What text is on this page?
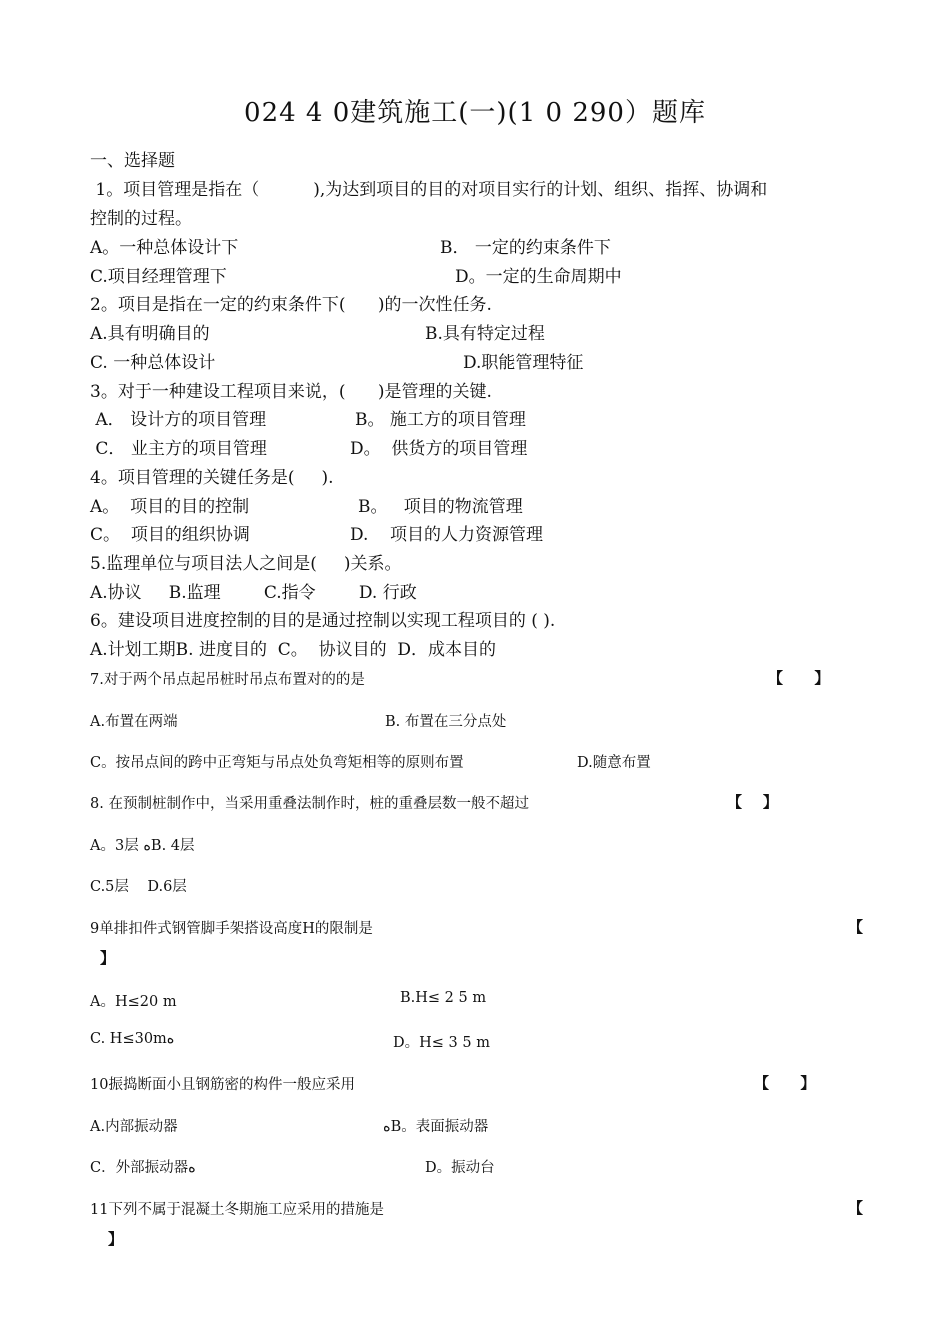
024 4 0建筑施工(一)(1 0 290）题库
一、选择题
1。项目管理是指在（          ),为达到项目的目的对项目实行的计划、组织、指挥、协调和
控制的过程。
A。一种总体设计下	B． 一定的约束条件下
C.项目经理管理下	D。一定的生命周期中
2。项目是指在一定的约束条件下(      )的一次性任务.
A.具有明确目的	B.具有特定过程
C. 一种总体设计	D.职能管理特征
3。对于一种建设工程项目来说，(      )是管理的关键.
A． 设计方的项目管理	B。 施工方的项目管理
C． 业主方的项目管理	D。  供货方的项目管理
4。项目管理的关键任务是(     ).
A。  项目的目的控制	B。   项目的物流管理
C。  项目的组织协调	D.    项目的人力资源管理
5.监理单位与项目法人之间是(     )关系。
A.协议     B.监理        C.指令        D. 行政
6。建设项目进度控制的目的是通过控制以实现工程项目的 ( ).
A.计划工期B. 进度目的  C。  协议目的  D．成本目的
7.对于两个吊点起吊桩时吊点布置对的的是	【      】
A.布置在两端	B. 布置在三分点处
C。按吊点间的跨中正弯矩与吊点处负弯矩相等的原则布置	D.随意布置
8. 在预制桩制作中，当采用重叠法制作时，桩的重叠层数一般不超过	【    】
A。3层 ﻩB. 4层
C.5层    D.6层
9单排扣件式钢管脚手架搭设高度H的限制是	【
】
A。H≤20 m	B.H≤ 2 5 m
C. H≤30mﻩ	D。H≤ 3 5 m
10振捣断面小且钢筋密的构件一般应采用	【      】
A.内部振动器	ﻩB。表面振动器
C．外部振动器ﻩ	D。振动台
11下列不属于混凝土冬期施工应采用的措施是	【
】
